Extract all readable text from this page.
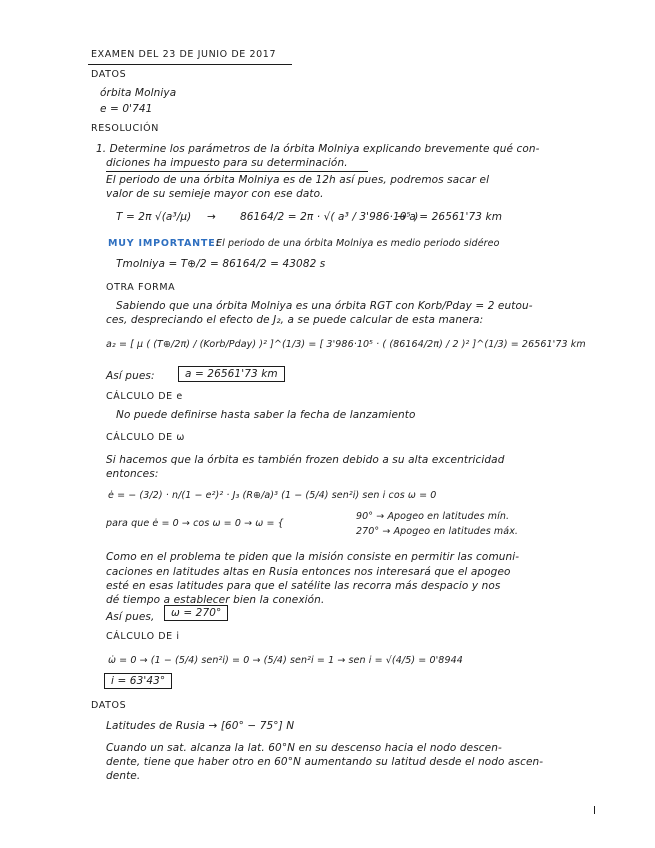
EXAMEN DEL 23 DE JUNIO DE 2017
DATOS
órbita Molniya
e = 0'741
RESOLUCIÓN
1. Determine los parámetros de la órbita Molniya explicando brevemente qué con-
diciones ha impuesto para su determinación.
El periodo de una órbita Molniya es de 12h así pues, podremos sacar el
valor de su semieje mayor con ese dato.
T = 2π √(a³/μ) → 86164/2 = 2π · √( a³ / 3'986·10⁵ )
→ a = 26561'73 km
MUY IMPORTANTE:
El periodo de una órbita Molniya es medio periodo sidéreo
Tmolniya = T⊕/2 = 86164/2 = 43082 s
OTRA FORMA
Sabiendo que una órbita Molniya es una órbita RGT con Korb/Pday = 2 eutou-
ces, despreciando el efecto de J₂, a se puede calcular de esta manera:
a₂ = [ μ ( (T⊕/2π) / (Korb/Pday) )² ]^(1/3) = [ 3'986·10⁵ · ( (86164/2π) / 2 )² ]^(1/3) = 26561'73 km
Así pues:	a = 26561'73 km
CÁLCULO DE e
No puede definirse hasta saber la fecha de lanzamiento
CÁLCULO DE ω
Si hacemos que la órbita es también frozen debido a su alta excentricidad
entonces:
ė = − (3/2) · n/(1 − e²)² · J₃ (R⊕/a)³ (1 − (5/4) sen²i) sen i cos ω = 0
para que ė = 0 → cos ω = 0 → ω = {
90° → Apogeo en latitudes mín.
270° → Apogeo en latitudes máx.
Como en el problema te piden que la misión consiste en permitir las comuni-
caciones en latitudes altas en Rusia entonces nos interesará que el apogeo
esté en esas latitudes para que el satélite las recorra más despacio y nos
dé tiempo a establecer bien la conexión.
Así pues,	ω = 270°
CÁLCULO DE i
ω̇ = 0 → (1 − (5/4) sen²i) = 0 → (5/4) sen²i = 1 → sen i = √(4/5) = 0'8944
i = 63'43°
DATOS
Latitudes de Rusia → [60° − 75°] N
Cuando un sat. alcanza la lat. 60°N en su descenso hacia el nodo descen-
dente, tiene que haber otro en 60°N aumentando su latitud desde el nodo ascen-
dente.
